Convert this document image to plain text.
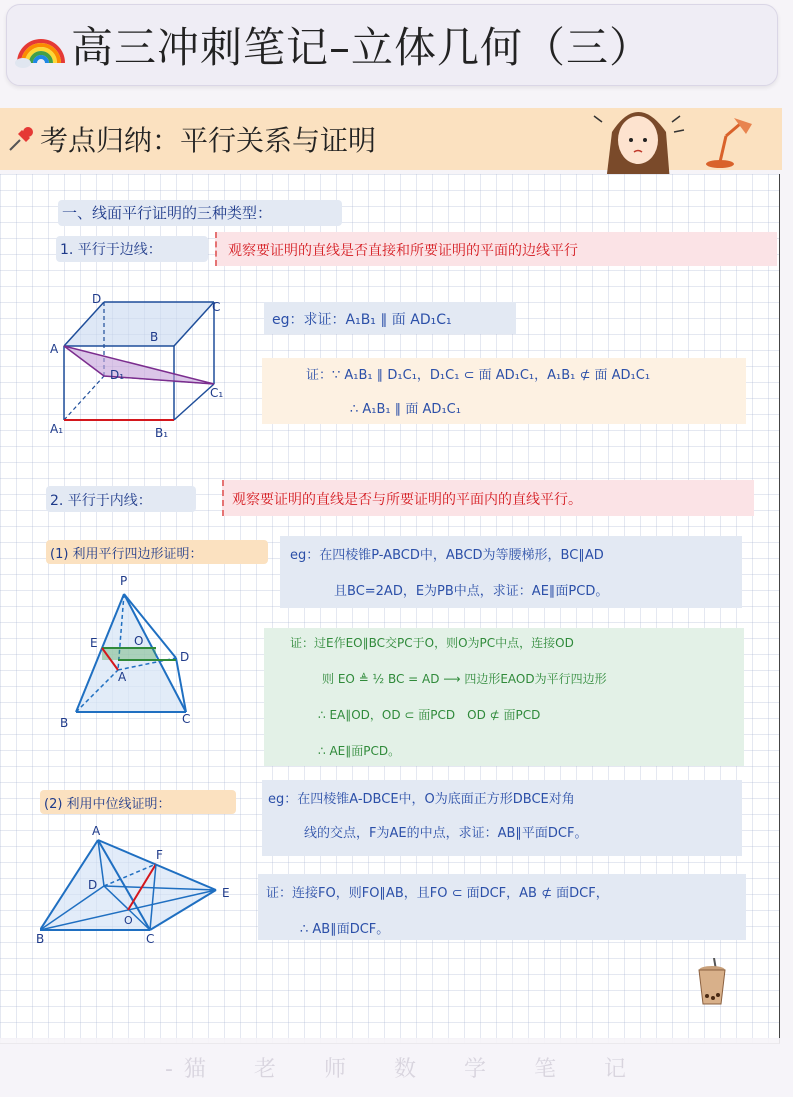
高三冲刺笔记–立体几何（三）
考点归纳：平行关系与证明
一、线面平行证明的三种类型：
1. 平行于边线：	观察要证明的直线是否直接和所要证明的平面的边线平行
D
C
A
B
D₁
C₁
A₁	B₁
eg：求证：A₁B₁ ∥ 面 AD₁C₁
证：∵ A₁B₁ ∥ D₁C₁，D₁C₁ ⊂ 面 AD₁C₁，A₁B₁ ⊄ 面 AD₁C₁
∴ A₁B₁ ∥ 面 AD₁C₁
2. 平行于内线：	观察要证明的直线是否与所要证明的平面内的直线平行。
(1) 利用平行四边形证明：	eg：在四棱锥P-ABCD中，ABCD为等腰梯形，BC∥AD
且BC=2AD，E为PB中点，求证：AE∥面PCD。
P
E	O
D
A
B	C
证：过E作EO∥BC交PC于O，则O为PC中点，连接OD
则 EO ≜ ½ BC = AD ⟶ 四边形EAOD为平行四边形
∴ EA∥OD，OD ⊂ 面PCD　OD ⊄ 面PCD
∴ AE∥面PCD。
(2) 利用中位线证明：	eg：在四棱锥A-DBCE中，O为底面正方形DBCE对角
线的交点，F为AE的中点，求证：AB∥平面DCF。
A
F
D
O
E
B	C
证：连接FO，则FO∥AB，且FO ⊂ 面DCF，AB ⊄ 面DCF，
∴ AB∥面DCF。
- 猫 老 师 数 学 笔 记
